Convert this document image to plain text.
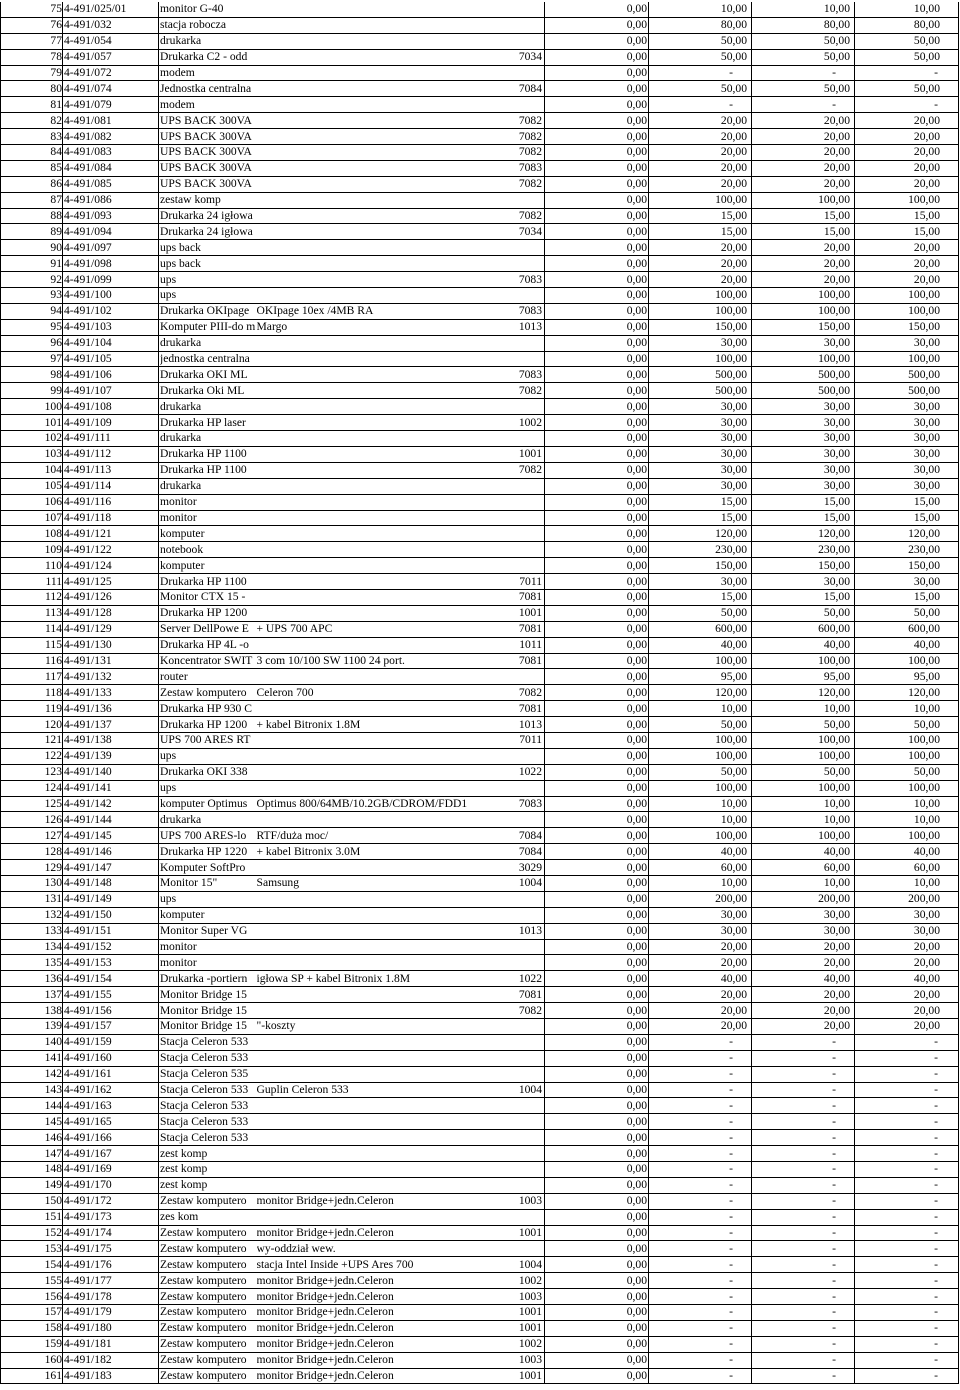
75	4-491/025/01	monitor G-40			0,00	10,00	10,00	10,00

76	4-491/032	stacja robocza			0,00	80,00	80,00	80,00

77	4-491/054	drukarka			0,00	50,00	50,00	50,00

78	4-491/057	Drukarka C2 - odd		7034	0,00	50,00	50,00	50,00

79	4-491/072	modem			0,00	-	-	-

80	4-491/074	Jednostka centralna		7084	0,00	50,00	50,00	50,00

81	4-491/079	modem			0,00	-	-	-

82	4-491/081	UPS BACK 300VA		7082	0,00	20,00	20,00	20,00

83	4-491/082	UPS BACK 300VA		7082	0,00	20,00	20,00	20,00

84	4-491/083	UPS BACK 300VA		7082	0,00	20,00	20,00	20,00

85	4-491/084	UPS BACK 300VA		7083	0,00	20,00	20,00	20,00

86	4-491/085	UPS BACK 300VA		7082	0,00	20,00	20,00	20,00

87	4-491/086	zestaw komp			0,00	100,00	100,00	100,00

88	4-491/093	Drukarka 24 igłowa		7082	0,00	15,00	15,00	15,00

89	4-491/094	Drukarka 24 igłowa		7034	0,00	15,00	15,00	15,00

90	4-491/097	ups back			0,00	20,00	20,00	20,00

91	4-491/098	ups back			0,00	20,00	20,00	20,00

92	4-491/099	ups		7083	0,00	20,00	20,00	20,00

93	4-491/100	ups			0,00	100,00	100,00	100,00

94	4-491/102	Drukarka OKIpage	OKIpage 10ex /4MB RA	7083	0,00	100,00	100,00	100,00

95	4-491/103	Komputer PIII-do m	Margo	1013	0,00	150,00	150,00	150,00

96	4-491/104	drukarka			0,00	30,00	30,00	30,00

97	4-491/105	jednostka centralna			0,00	100,00	100,00	100,00

98	4-491/106	Drukarka OKI ML		7083	0,00	500,00	500,00	500,00

99	4-491/107	Drukarka Oki ML		7082	0,00	500,00	500,00	500,00

100	4-491/108	drukarka			0,00	30,00	30,00	30,00

101	4-491/109	Drukarka HP laser		1002	0,00	30,00	30,00	30,00

102	4-491/111	drukarka			0,00	30,00	30,00	30,00

103	4-491/112	Drukarka HP 1100		1001	0,00	30,00	30,00	30,00

104	4-491/113	Drukarka HP 1100		7082	0,00	30,00	30,00	30,00

105	4-491/114	drukarka			0,00	30,00	30,00	30,00

106	4-491/116	monitor			0,00	15,00	15,00	15,00

107	4-491/118	monitor			0,00	15,00	15,00	15,00

108	4-491/121	komputer			0,00	120,00	120,00	120,00

109	4-491/122	notebook			0,00	230,00	230,00	230,00

110	4-491/124	komputer			0,00	150,00	150,00	150,00

111	4-491/125	Drukarka HP 1100		7011	0,00	30,00	30,00	30,00

112	4-491/126	Monitor CTX 15 -		7081	0,00	15,00	15,00	15,00

113	4-491/128	Drukarka HP 1200		1001	0,00	50,00	50,00	50,00

114	4-491/129	Server DellPowe E	+ UPS 700 APC	7081	0,00	600,00	600,00	600,00

115	4-491/130	Drukarka HP 4L -o		1011	0,00	40,00	40,00	40,00

116	4-491/131	Koncentrator SWIT	3 com 10/100 SW 1100 24 port.	7081	0,00	100,00	100,00	100,00

117	4-491/132	router			0,00	95,00	95,00	95,00

118	4-491/133	Zestaw komputero	Celeron 700	7082	0,00	120,00	120,00	120,00

119	4-491/136	Drukarka HP 930 C		7081	0,00	10,00	10,00	10,00

120	4-491/137	Drukarka HP 1200	+ kabel Bitronix 1.8M	1013	0,00	50,00	50,00	50,00

121	4-491/138	UPS 700 ARES RT		7011	0,00	100,00	100,00	100,00

122	4-491/139	ups			0,00	100,00	100,00	100,00

123	4-491/140	Drukarka OKI 338		1022	0,00	50,00	50,00	50,00

124	4-491/141	ups			0,00	100,00	100,00	100,00

125	4-491/142	komputer Optimus	Optimus 800/64MB/10.2GB/CDROM/FDD1	7083	0,00	10,00	10,00	10,00

126	4-491/144	drukarka			0,00	10,00	10,00	10,00

127	4-491/145	UPS 700 ARES-lo	RTF/duża moc/	7084	0,00	100,00	100,00	100,00

128	4-491/146	Drukarka HP 1220	+ kabel Bitronix 3.0M	7084	0,00	40,00	40,00	40,00

129	4-491/147	Komputer SoftPro		3029	0,00	60,00	60,00	60,00

130	4-491/148	Monitor 15"	Samsung	1004	0,00	10,00	10,00	10,00

131	4-491/149	ups			0,00	200,00	200,00	200,00

132	4-491/150	komputer			0,00	30,00	30,00	30,00

133	4-491/151	Monitor Super VG		1013	0,00	30,00	30,00	30,00

134	4-491/152	monitor			0,00	20,00	20,00	20,00

135	4-491/153	monitor			0,00	20,00	20,00	20,00

136	4-491/154	Drukarka -portiern	igłowa SP + kabel Bitronix 1.8M	1022	0,00	40,00	40,00	40,00

137	4-491/155	Monitor Bridge 15		7081	0,00	20,00	20,00	20,00

138	4-491/156	Monitor Bridge 15		7082	0,00	20,00	20,00	20,00

139	4-491/157	Monitor Bridge 15	"-koszty		0,00	20,00	20,00	20,00

140	4-491/159	Stacja Celeron 533			0,00	-	-	-

141	4-491/160	Stacja Celeron 533			0,00	-	-	-

142	4-491/161	Stacja Celeron 535			0,00	-	-	-

143	4-491/162	Stacja Celeron 533	Guplin Celeron 533	1004	0,00	-	-	-

144	4-491/163	Stacja Celeron 533			0,00	-	-	-

145	4-491/165	Stacja Celeron 533			0,00	-	-	-

146	4-491/166	Stacja Celeron 533			0,00	-	-	-

147	4-491/167	zest komp			0,00	-	-	-

148	4-491/169	zest komp			0,00	-	-	-

149	4-491/170	zest komp			0,00	-	-	-

150	4-491/172	Zestaw komputero	monitor Bridge+jedn.Celeron	1003	0,00	-	-	-

151	4-491/173	zes kom			0,00	-	-	-

152	4-491/174	Zestaw komputero	monitor Bridge+jedn.Celeron	1001	0,00	-	-	-

153	4-491/175	Zestaw komputero	wy-oddział wew.		0,00	-	-	-

154	4-491/176	Zestaw komputero	stacja Intel Inside +UPS Ares 700	1004	0,00	-	-	-

155	4-491/177	Zestaw komputero	monitor Bridge+jedn.Celeron	1002	0,00	-	-	-

156	4-491/178	Zestaw komputero	monitor Bridge+jedn.Celeron	1003	0,00	-	-	-

157	4-491/179	Zestaw komputero	monitor Bridge+jedn.Celeron	1001	0,00	-	-	-

158	4-491/180	Zestaw komputero	monitor Bridge+jedn.Celeron	1001	0,00	-	-	-

159	4-491/181	Zestaw komputero	monitor Bridge+jedn.Celeron	1002	0,00	-	-	-

160	4-491/182	Zestaw komputero	monitor Bridge+jedn.Celeron	1003	0,00	-	-	-

161	4-491/183	Zestaw komputero	monitor Bridge+jedn.Celeron	1001	0,00	-	-	-
